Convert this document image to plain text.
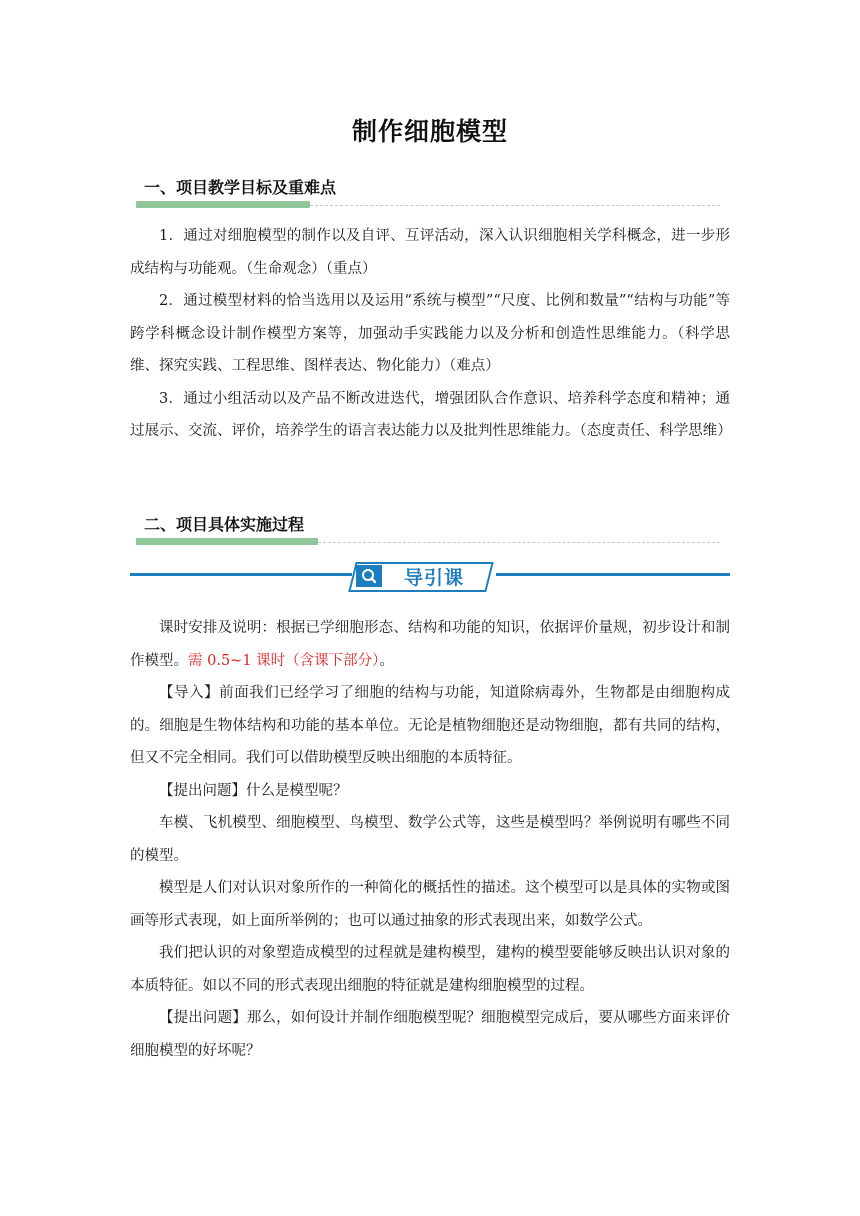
制作细胞模型
一、项目教学目标及重难点

1．通过对细胞模型的制作以及自评、互评活动，深入认识细胞相关学科概念，进一步形成结构与功能观。（生命观念）（重点）

2．通过模型材料的恰当选用以及运用“系统与模型”“尺度、比例和数量”“结构与功能”等跨学科概念设计制作模型方案等，加强动手实践能力以及分析和创造性思维能力。（科学思维、探究实践、工程思维、图样表达、物化能力）（难点）

3．通过小组活动以及产品不断改进迭代，增强团队合作意识、培养科学态度和精神；通过展示、交流、评价，培养学生的语言表达能力以及批判性思维能力。（态度责任、科学思维）

二、项目具体实施过程
导引课

课时安排及说明：根据已学细胞形态、结构和功能的知识，依据评价量规，初步设计和制作模型。需 0.5~1 课时（含课下部分）。

【导入】前面我们已经学习了细胞的结构与功能，知道除病毒外，生物都是由细胞构成的。细胞是生物体结构和功能的基本单位。无论是植物细胞还是动物细胞，都有共同的结构，但又不完全相同。我们可以借助模型反映出细胞的本质特征。

【提出问题】什么是模型呢？

车模、飞机模型、细胞模型、鸟模型、数学公式等，这些是模型吗？举例说明有哪些不同的模型。

模型是人们对认识对象所作的一种简化的概括性的描述。这个模型可以是具体的实物或图画等形式表现，如上面所举例的；也可以通过抽象的形式表现出来，如数学公式。

我们把认识的对象塑造成模型的过程就是建构模型，建构的模型要能够反映出认识对象的本质特征。如以不同的形式表现出细胞的特征就是建构细胞模型的过程。

【提出问题】那么，如何设计并制作细胞模型呢？细胞模型完成后，要从哪些方面来评价细胞模型的好坏呢？
